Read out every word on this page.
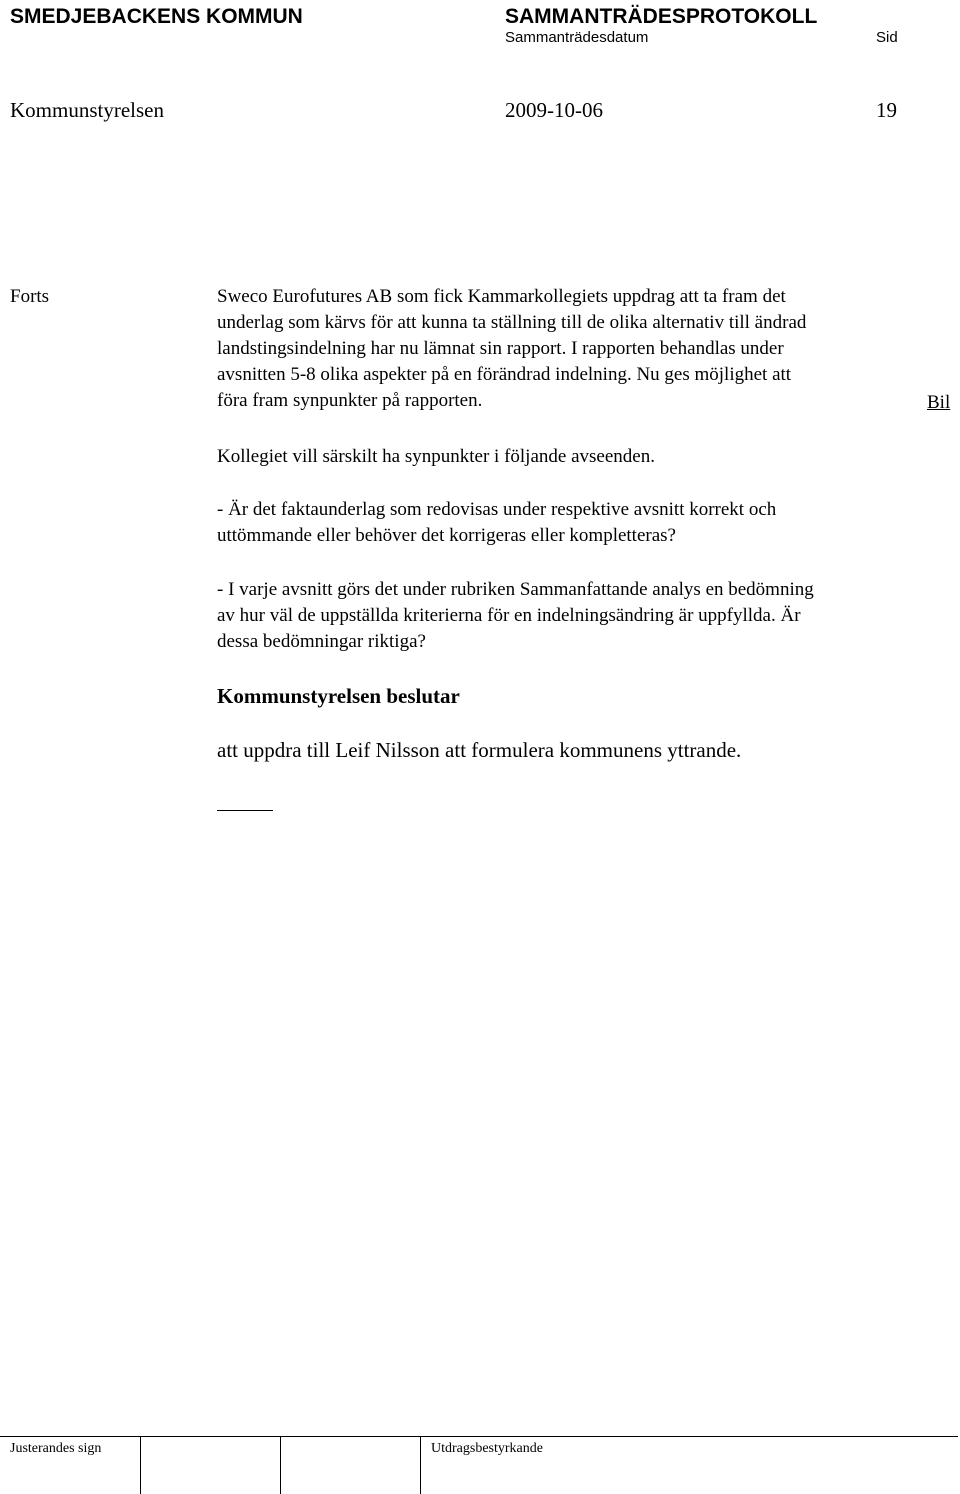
SMEDJEBACKENS KOMMUN	SAMMANTRÄDESPROTOKOLL
Sammanträdesdatum	Sid
Kommunstyrelsen	2009-10-06	19
Forts	Sweco Eurofutures AB som fick Kammarkollegiets uppdrag att ta fram det
underlag som kärvs för att kunna ta ställning till de olika alternativ till ändrad
landstingsindelning har nu lämnat sin rapport. I rapporten behandlas under
avsnitten 5-8 olika aspekter på en förändrad indelning. Nu ges möjlighet att
föra fram synpunkter på rapporten.	Bil
Kollegiet vill särskilt ha synpunkter i följande avseenden.
- Är det faktaunderlag som redovisas under respektive avsnitt korrekt och
uttömmande eller behöver det korrigeras eller kompletteras?
- I varje avsnitt görs det under rubriken Sammanfattande analys en bedömning
av hur väl de uppställda kriterierna för en indelningsändring är uppfyllda. Är
dessa bedömningar riktiga?
Kommunstyrelsen beslutar
att uppdra till Leif Nilsson att formulera kommunens yttrande.
Justerandes sign	Utdragsbestyrkande
